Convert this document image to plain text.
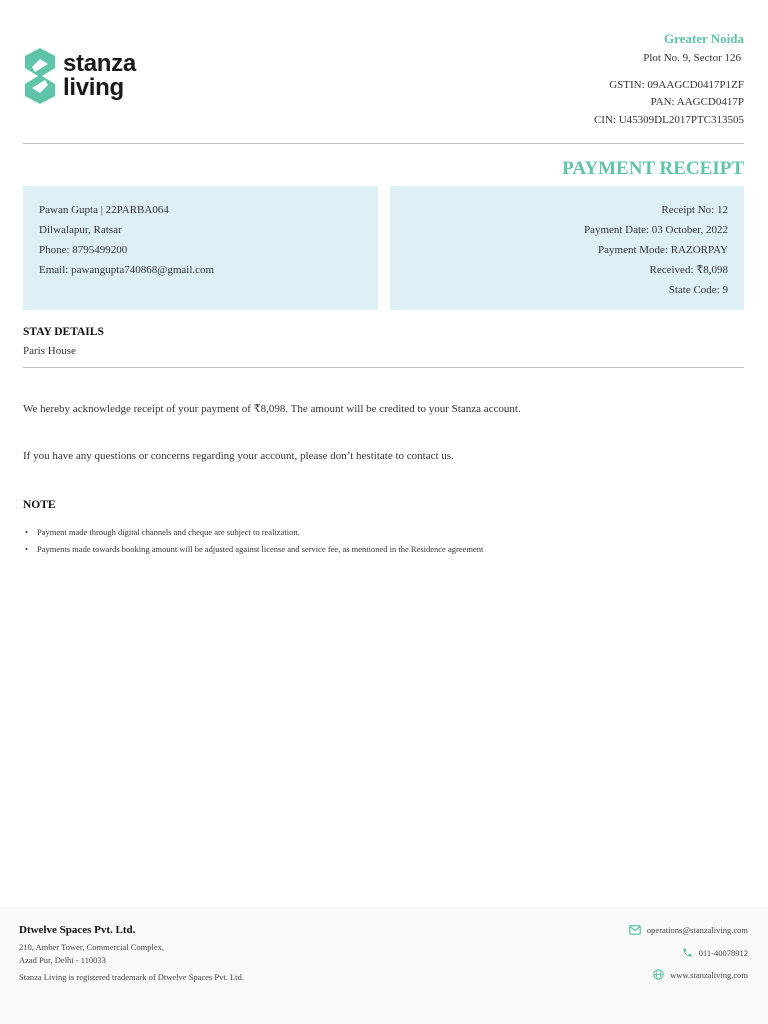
stanza
living
Greater Noida
Plot No. 9, Sector 126
GSTIN: 09AAGCD0417P1ZF
PAN: AAGCD0417P
CIN: U45309DL2017PTC313505
PAYMENT RECEIPT
Pawan Gupta | 22PARBA064
Dilwalapur, Ratsar
Phone: 8795499200
Email: pawangupta740868@gmail.com
Receipt No: 12
Payment Date: 03 October, 2022
Payment Mode: RAZORPAY
Received: ₹8,098
State Code: 9
STAY DETAILS
Paris House
We hereby acknowledge receipt of your payment of ₹8,098. The amount will be credited to your Stanza account.
If you have any questions or concerns regarding your account, please don’t hestitate to contact us.
NOTE
• Payment made through digital channels and cheque are subject to realization.
• Payments made towards booking amount will be adjusted against license and service fee, as mentioned in the Residence agreement
Dtwelve Spaces Pvt. Ltd.
210, Amber Tower, Commercial Complex,
Azad Pur, Delhi - 110033
Stanza Living is registered trademark of Dtwelve Spaces Pvt. Ltd.
operations@stanzaliving.com
011-40078912
www.stanzaliving.com
